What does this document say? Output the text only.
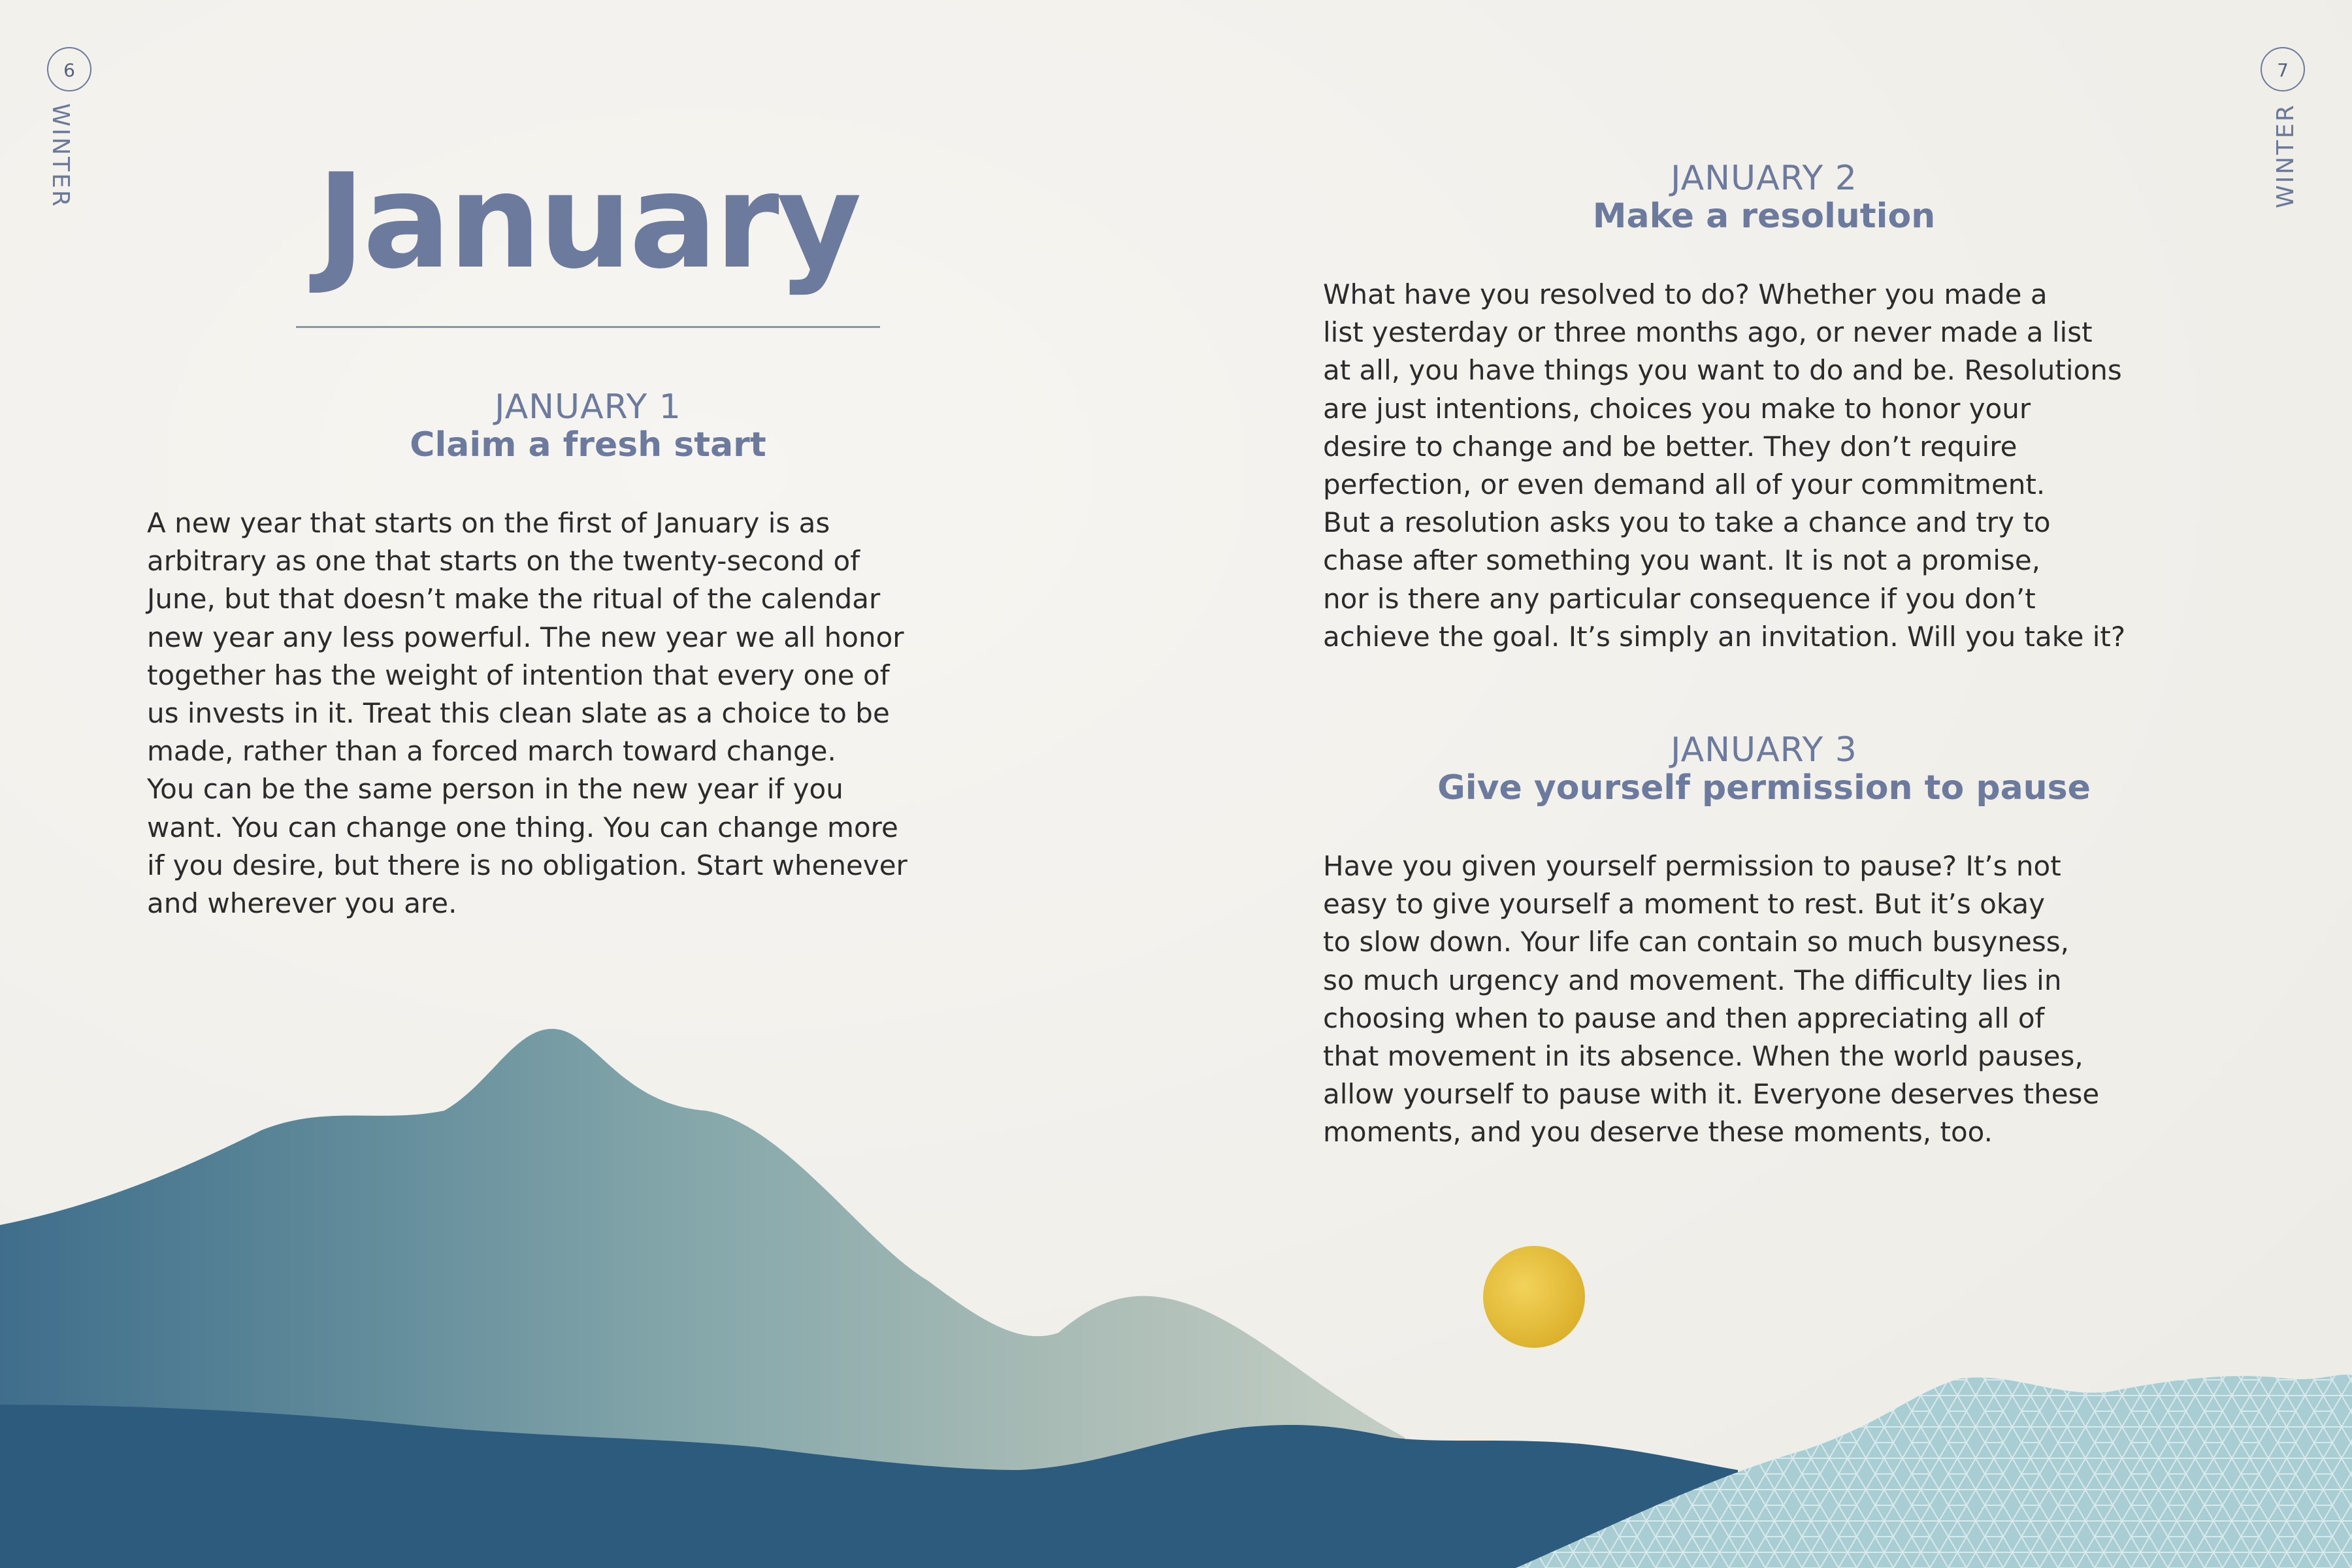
6
WINTER January
JANUARY 1
Claim a fresh start
A new year that starts on the first of January is as
arbitrary as one that starts on the twenty-second of
June, but that doesn’t make the ritual of the calendar
new year any less powerful. The new year we all honor
together has the weight of intention that every one of
us invests in it. Treat this clean slate as a choice to be
made, rather than a forced march toward change.
You can be the same person in the new year if you
want. You can change one thing. You can change more
if you desire, but there is no obligation. Start whenever
and wherever you are.
7
WINTER
JANUARY 2
Make a resolution
What have you resolved to do? Whether you made a
list yesterday or three months ago, or never made a list
at all, you have things you want to do and be. Resolutions
are just intentions, choices you make to honor your
desire to change and be better. They don’t require
perfection, or even demand all of your commitment.
But a resolution asks you to take a chance and try to
chase after something you want. It is not a promise,
nor is there any particular consequence if you don’t
achieve the goal. It’s simply an invitation. Will you take it?
JANUARY 3
Give yourself permission to pause
Have you given yourself permission to pause? It’s not
easy to give yourself a moment to rest. But it’s okay
to slow down. Your life can contain so much busyness,
so much urgency and movement. The difficulty lies in
choosing when to pause and then appreciating all of
that movement in its absence. When the world pauses,
allow yourself to pause with it. Everyone deserves these
moments, and you deserve these moments, too.
